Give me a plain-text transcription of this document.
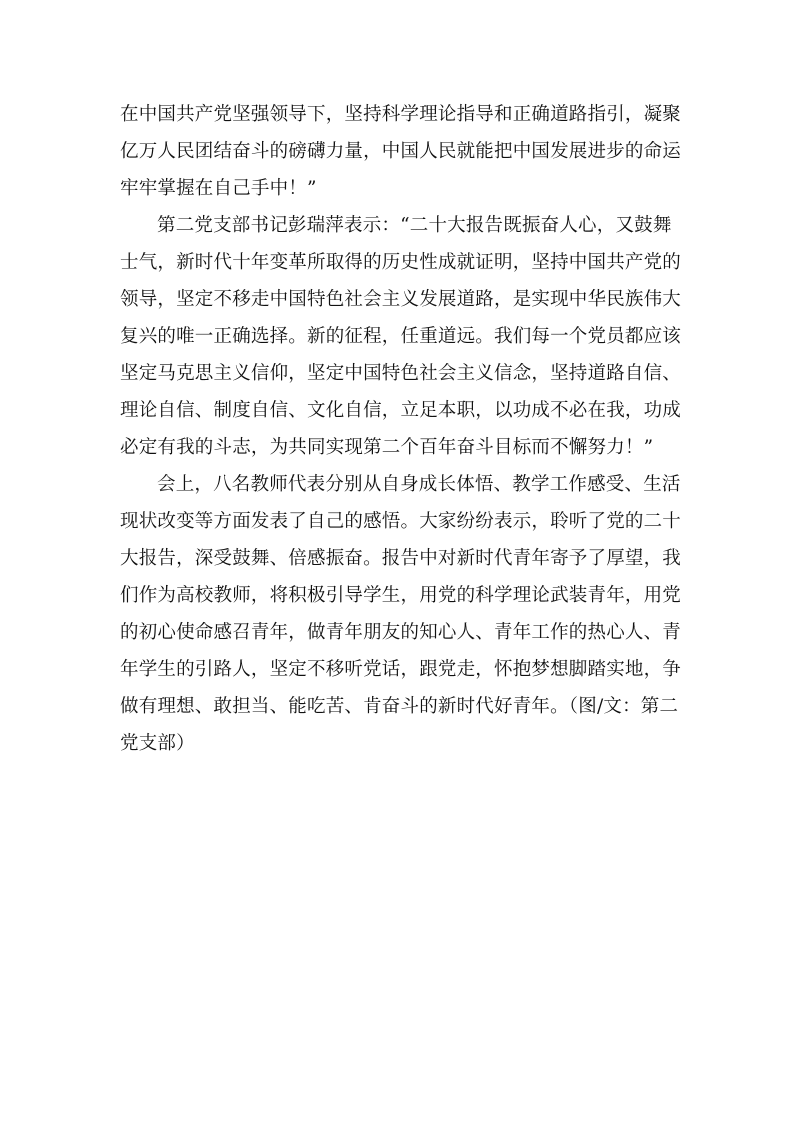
在中国共产党坚强领导下，坚持科学理论指导和正确道路指引，凝聚
亿万人民团结奋斗的磅礴力量，中国人民就能把中国发展进步的命运
牢牢掌握在自己手中！”

第二党支部书记彭瑞萍表示：“二十大报告既振奋人心，又鼓舞
士气，新时代十年变革所取得的历史性成就证明，坚持中国共产党的
领导，坚定不移走中国特色社会主义发展道路，是实现中华民族伟大
复兴的唯一正确选择。新的征程，任重道远。我们每一个党员都应该
坚定马克思主义信仰，坚定中国特色社会主义信念，坚持道路自信、
理论自信、制度自信、文化自信，立足本职，以功成不必在我，功成
必定有我的斗志，为共同实现第二个百年奋斗目标而不懈努力！”

会上，八名教师代表分别从自身成长体悟、教学工作感受、生活
现状改变等方面发表了自己的感悟。大家纷纷表示，聆听了党的二十
大报告，深受鼓舞、倍感振奋。报告中对新时代青年寄予了厚望，我
们作为高校教师，将积极引导学生，用党的科学理论武装青年，用党
的初心使命感召青年，做青年朋友的知心人、青年工作的热心人、青
年学生的引路人，坚定不移听党话，跟党走，怀抱梦想脚踏实地，争
做有理想、敢担当、能吃苦、肯奋斗的新时代好青年。（图/文：第二
党支部）
